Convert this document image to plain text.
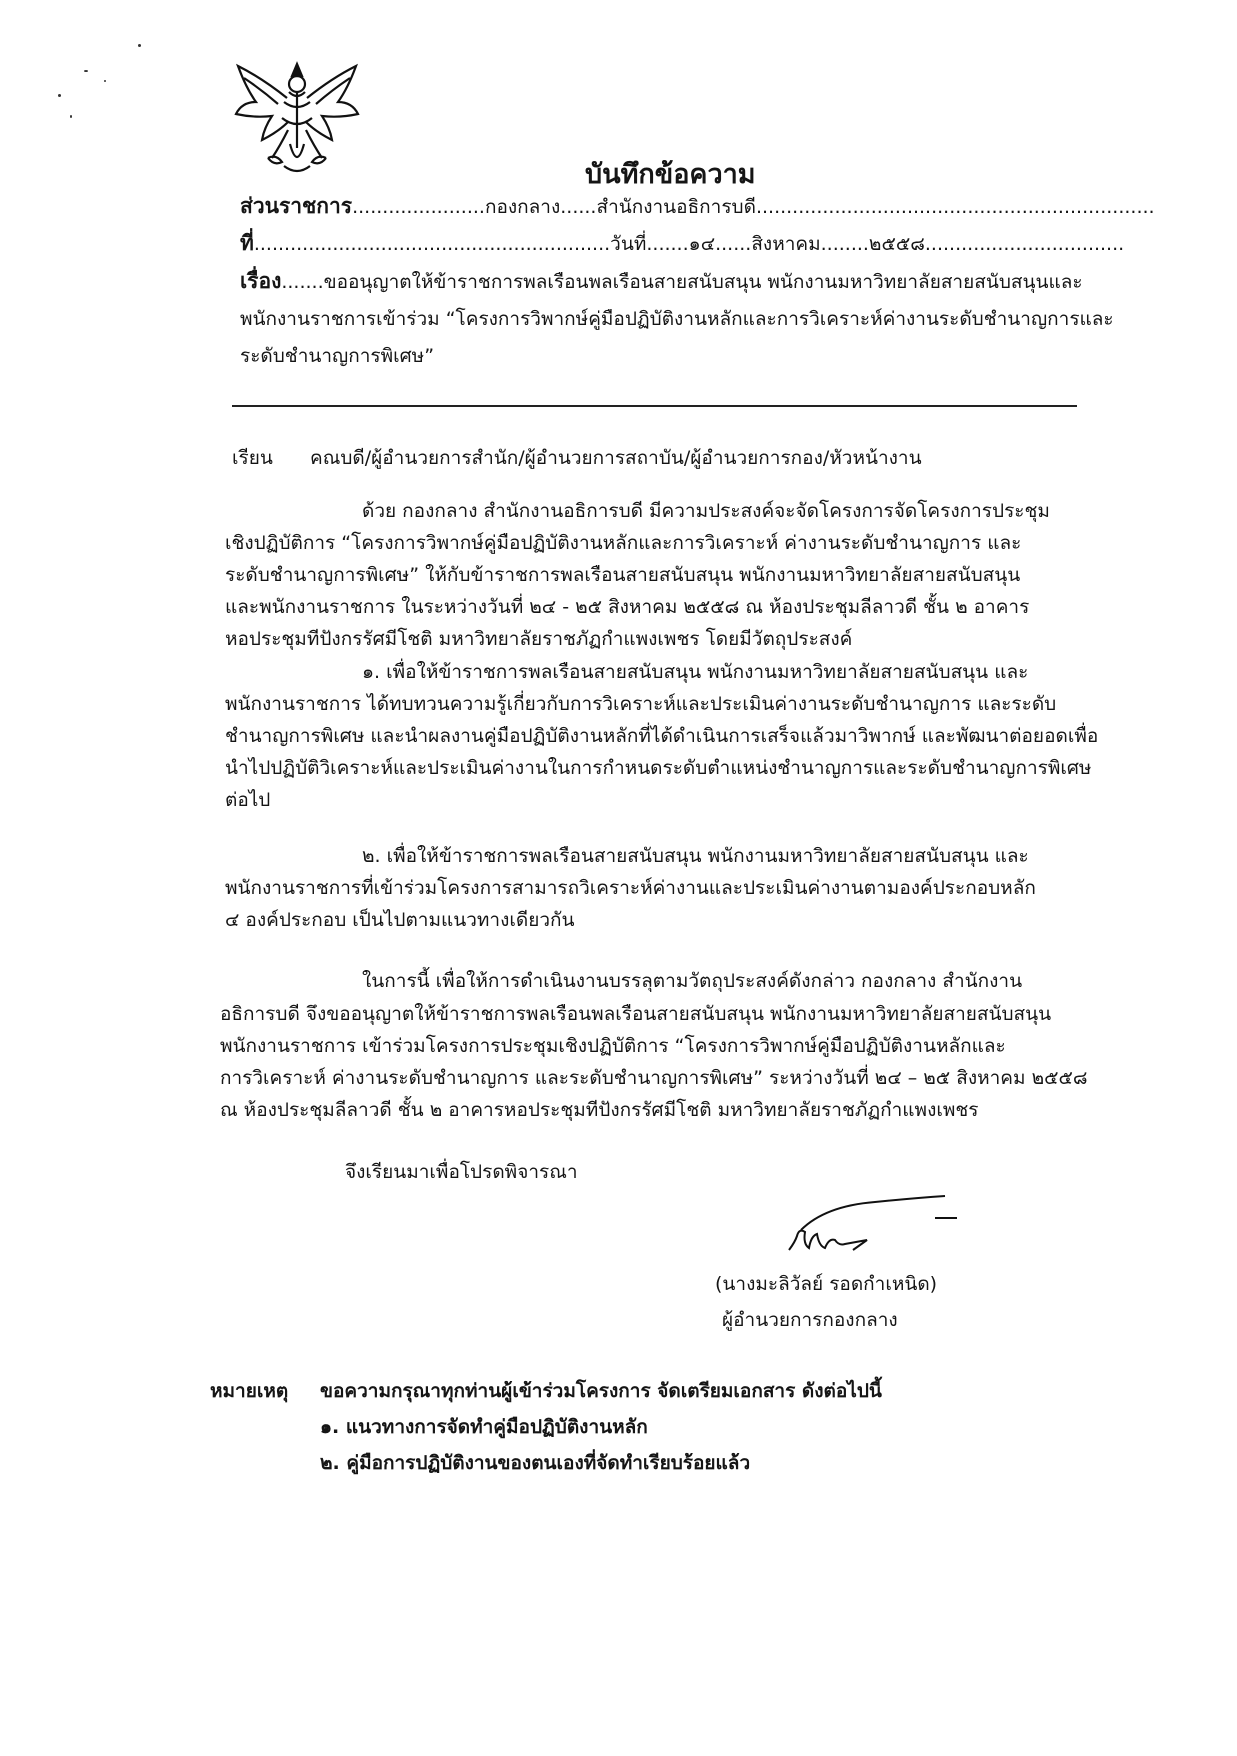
บันทึกข้อความ
ส่วนราชการ......................กองกลาง......สำนักงานอธิการบดี..................................................................
ที่...........................................................วันที่.......๑๔......สิงหาคม........๒๕๕๘.................................
เรื่อง.......ขออนุญาตให้ข้าราชการพลเรือนพลเรือนสายสนับสนุน พนักงานมหาวิทยาลัยสายสนับสนุนและ
พนักงานราชการเข้าร่วม “โครงการวิพากษ์คู่มือปฏิบัติงานหลักและการวิเคราะห์ค่างานระดับชำนาญการและ
ระดับชำนาญการพิเศษ”
เรียน คณบดี/ผู้อำนวยการสำนัก/ผู้อำนวยการสถาบัน/ผู้อำนวยการกอง/หัวหน้างาน
ด้วย กองกลาง สำนักงานอธิการบดี มีความประสงค์จะจัดโครงการจัดโครงการประชุม
เชิงปฏิบัติการ “โครงการวิพากษ์คู่มือปฏิบัติงานหลักและการวิเคราะห์ ค่างานระดับชำนาญการ และ
ระดับชำนาญการพิเศษ” ให้กับข้าราชการพลเรือนสายสนับสนุน พนักงานมหาวิทยาลัยสายสนับสนุน
และพนักงานราชการ ในระหว่างวันที่ ๒๔ - ๒๕ สิงหาคม ๒๕๕๘ ณ ห้องประชุมลีลาวดี ชั้น ๒ อาคาร
หอประชุมทีปังกรรัศมีโชติ มหาวิทยาลัยราชภัฏกำแพงเพชร โดยมีวัตถุประสงค์
๑. เพื่อให้ข้าราชการพลเรือนสายสนับสนุน พนักงานมหาวิทยาลัยสายสนับสนุน และ
พนักงานราชการ ได้ทบทวนความรู้เกี่ยวกับการวิเคราะห์และประเมินค่างานระดับชำนาญการ และระดับ
ชำนาญการพิเศษ และนำผลงานคู่มือปฏิบัติงานหลักที่ได้ดำเนินการเสร็จแล้วมาวิพากษ์ และพัฒนาต่อยอดเพื่อ
นำไปปฏิบัติวิเคราะห์และประเมินค่างานในการกำหนดระดับตำแหน่งชำนาญการและระดับชำนาญการพิเศษ
ต่อไป
๒. เพื่อให้ข้าราชการพลเรือนสายสนับสนุน พนักงานมหาวิทยาลัยสายสนับสนุน และ
พนักงานราชการที่เข้าร่วมโครงการสามารถวิเคราะห์ค่างานและประเมินค่างานตามองค์ประกอบหลัก
๔ องค์ประกอบ เป็นไปตามแนวทางเดียวกัน
ในการนี้ เพื่อให้การดำเนินงานบรรลุตามวัตถุประสงค์ดังกล่าว กองกลาง สำนักงาน
อธิการบดี จึงขออนุญาตให้ข้าราชการพลเรือนพลเรือนสายสนับสนุน พนักงานมหาวิทยาลัยสายสนับสนุน
พนักงานราชการ เข้าร่วมโครงการประชุมเชิงปฏิบัติการ “โครงการวิพากษ์คู่มือปฏิบัติงานหลักและ
การวิเคราะห์ ค่างานระดับชำนาญการ และระดับชำนาญการพิเศษ” ระหว่างวันที่ ๒๔ – ๒๕ สิงหาคม ๒๕๕๘
ณ ห้องประชุมลีลาวดี ชั้น ๒ อาคารหอประชุมทีปังกรรัศมีโชติ มหาวิทยาลัยราชภัฏกำแพงเพชร
จึงเรียนมาเพื่อโปรดพิจารณา
(นางมะลิวัลย์ รอดกำเหนิด)
ผู้อำนวยการกองกลาง
หมายเหตุ ขอความกรุณาทุกท่านผู้เข้าร่วมโครงการ จัดเตรียมเอกสาร ดังต่อไปนี้
๑. แนวทางการจัดทำคู่มือปฏิบัติงานหลัก
๒. คู่มือการปฏิบัติงานของตนเองที่จัดทำเรียบร้อยแล้ว
